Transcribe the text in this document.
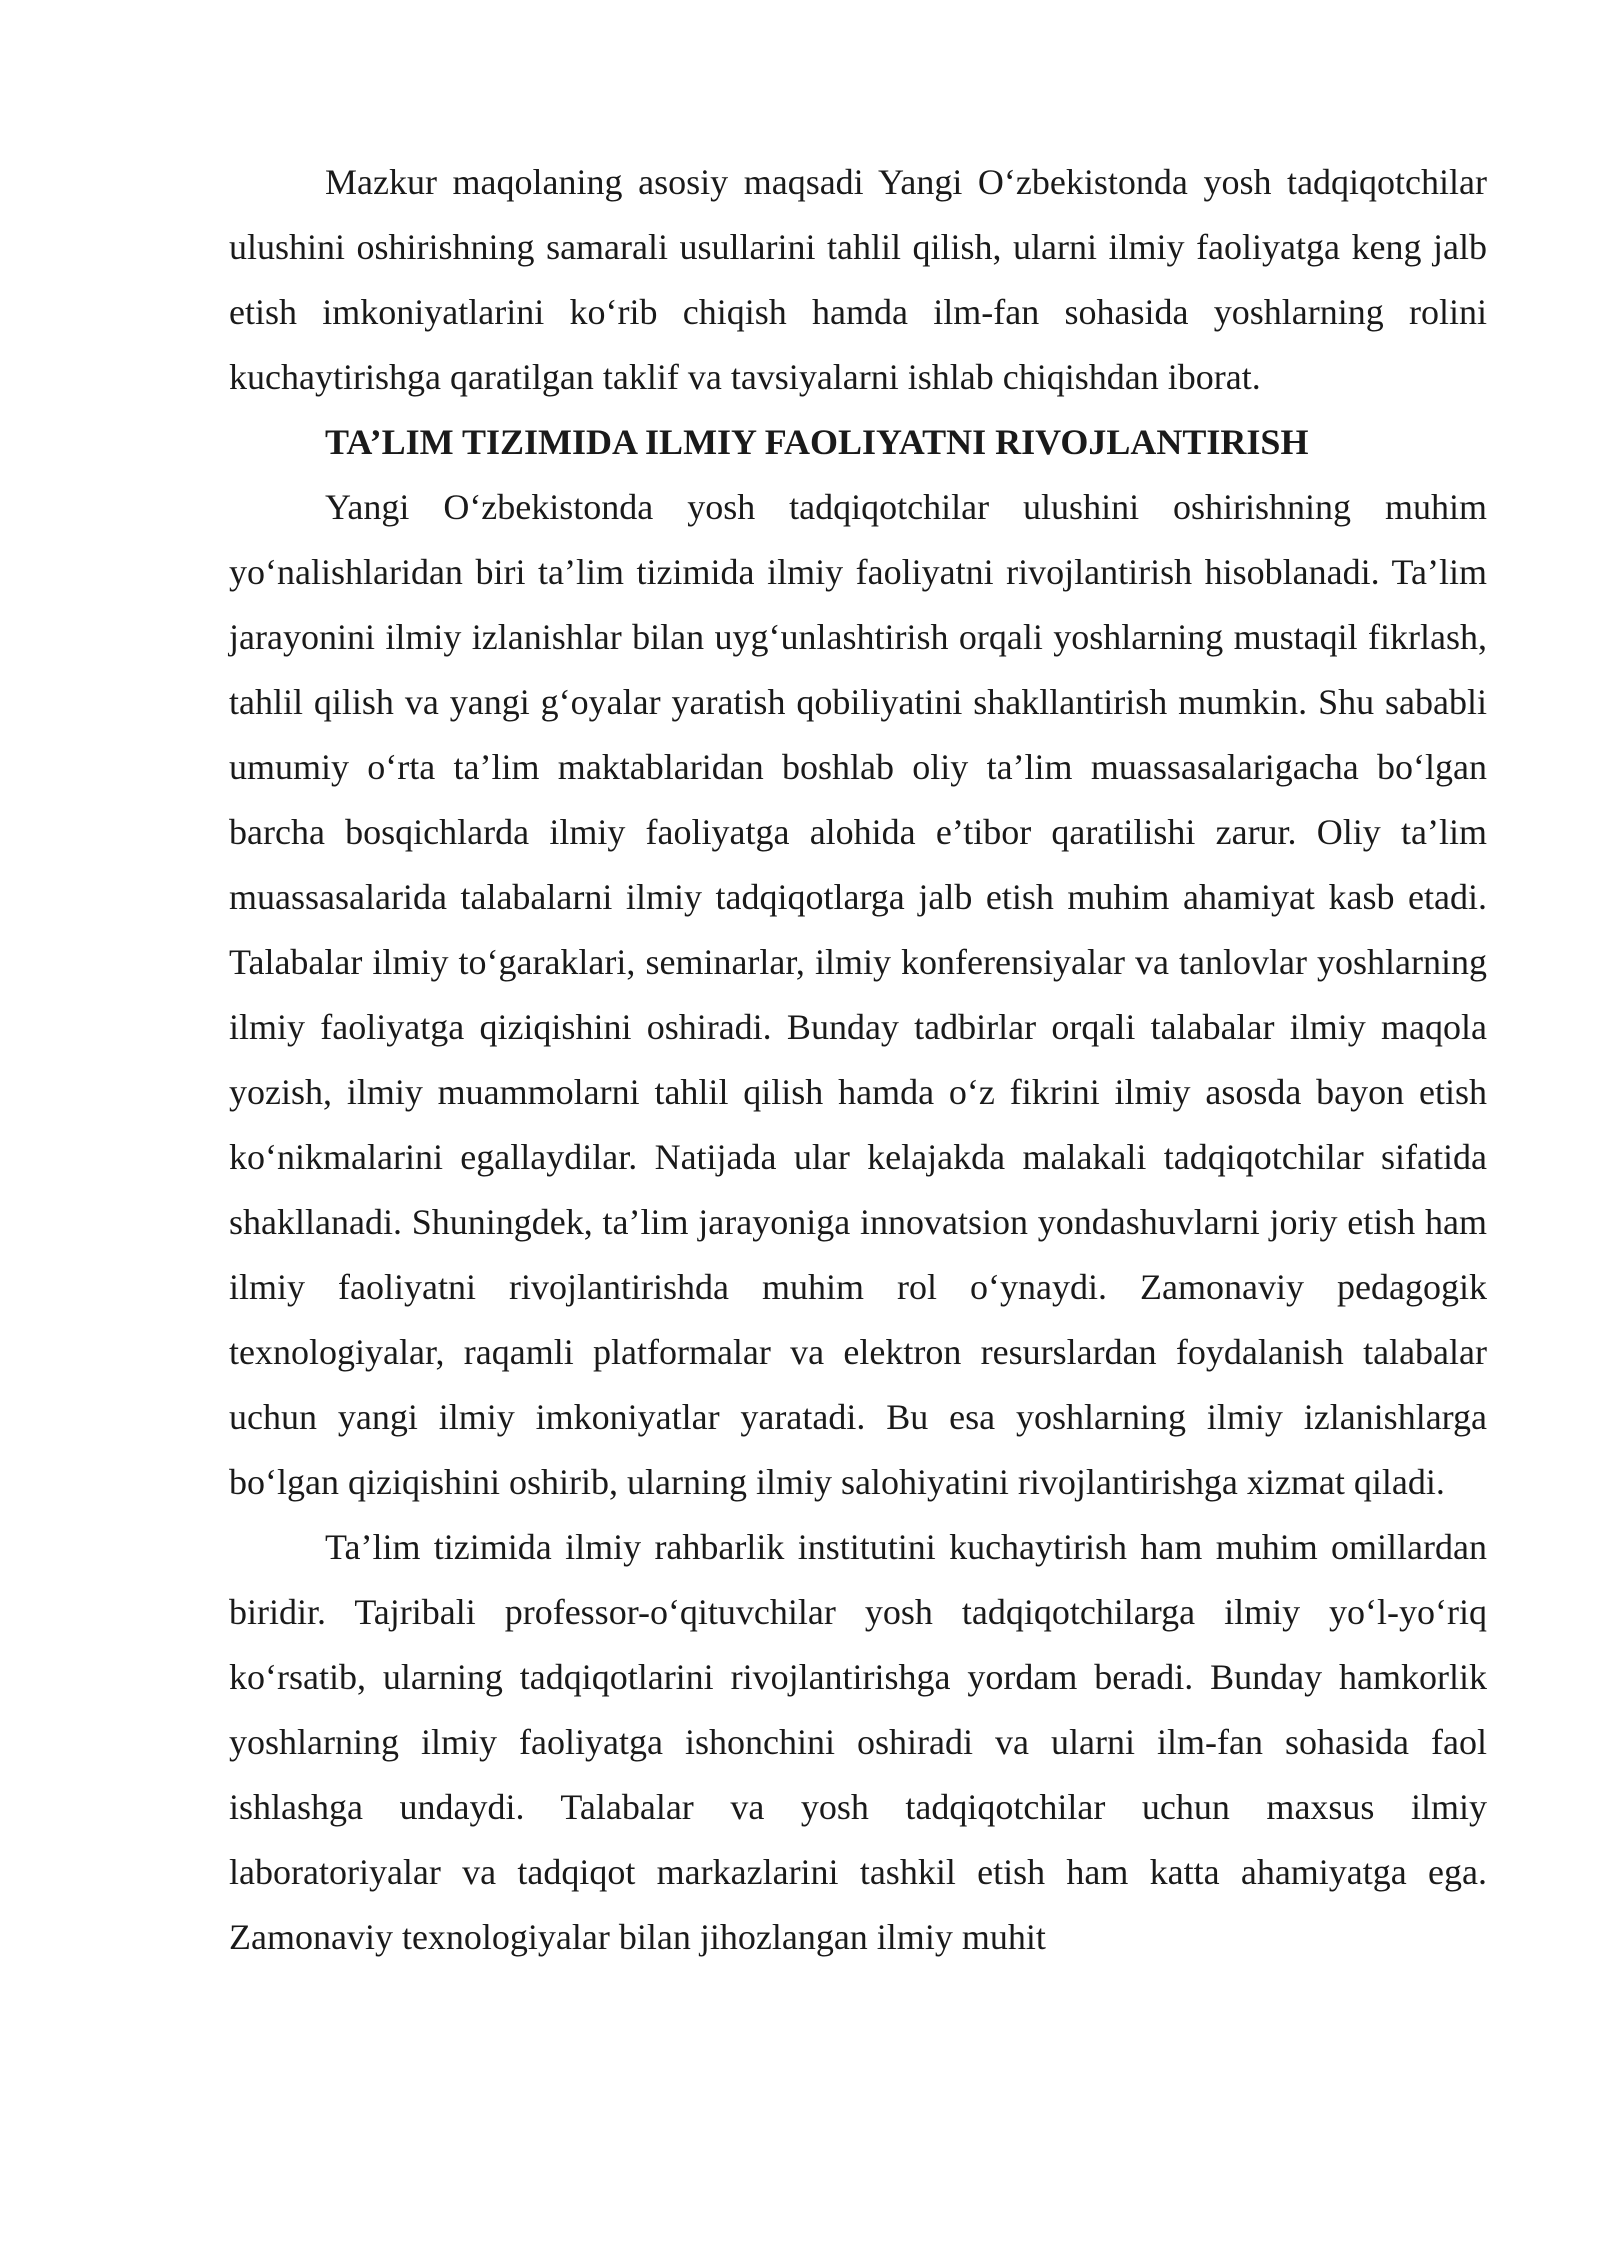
Mazkur maqolaning asosiy maqsadi Yangi O‘zbekistonda yosh tadqiqotchilar ulushini oshirishning samarali usullarini tahlil qilish, ularni ilmiy faoliyatga keng jalb etish imkoniyatlarini ko‘rib chiqish hamda ilm-fan sohasida yoshlarning rolini kuchaytirishga qaratilgan taklif va tavsiyalarni ishlab chiqishdan iborat.

TA’LIM TIZIMIDA ILMIY FAOLIYATNI RIVOJLANTIRISH

Yangi O‘zbekistonda yosh tadqiqotchilar ulushini oshirishning muhim yo‘nalishlaridan biri ta’lim tizimida ilmiy faoliyatni rivojlantirish hisoblanadi. Ta’lim jarayonini ilmiy izlanishlar bilan uyg‘unlashtirish orqali yoshlarning mustaqil fikrlash, tahlil qilish va yangi g‘oyalar yaratish qobiliyatini shakllantirish mumkin. Shu sababli umumiy o‘rta ta’lim maktablaridan boshlab oliy ta’lim muassasalarigacha bo‘lgan barcha bosqichlarda ilmiy faoliyatga alohida e’tibor qaratilishi zarur. Oliy ta’lim muassasalarida talabalarni ilmiy tadqiqotlarga jalb etish muhim ahamiyat kasb etadi. Talabalar ilmiy to‘garaklari, seminarlar, ilmiy konferensiyalar va tanlovlar yoshlarning ilmiy faoliyatga qiziqishini oshiradi. Bunday tadbirlar orqali talabalar ilmiy maqola yozish, ilmiy muammolarni tahlil qilish hamda o‘z fikrini ilmiy asosda bayon etish ko‘nikmalarini egallaydilar. Natijada ular kelajakda malakali tadqiqotchilar sifatida shakllanadi. Shuningdek, ta’lim jarayoniga innovatsion yondashuvlarni joriy etish ham ilmiy faoliyatni rivojlantirishda muhim rol o‘ynaydi. Zamonaviy pedagogik texnologiyalar, raqamli platformalar va elektron resurslardan foydalanish talabalar uchun yangi ilmiy imkoniyatlar yaratadi. Bu esa yoshlarning ilmiy izlanishlarga bo‘lgan qiziqishini oshirib, ularning ilmiy salohiyatini rivojlantirishga xizmat qiladi.

Ta’lim tizimida ilmiy rahbarlik institutini kuchaytirish ham muhim omillardan biridir. Tajribali professor-o‘qituvchilar yosh tadqiqotchilarga ilmiy yo‘l-yo‘riq ko‘rsatib, ularning tadqiqotlarini rivojlantirishga yordam beradi. Bunday hamkorlik yoshlarning ilmiy faoliyatga ishonchini oshiradi va ularni ilm-fan sohasida faol ishlashga undaydi. Talabalar va yosh tadqiqotchilar uchun maxsus ilmiy laboratoriyalar va tadqiqot markazlarini tashkil etish ham katta ahamiyatga ega. Zamonaviy texnologiyalar bilan jihozlangan ilmiy muhit
